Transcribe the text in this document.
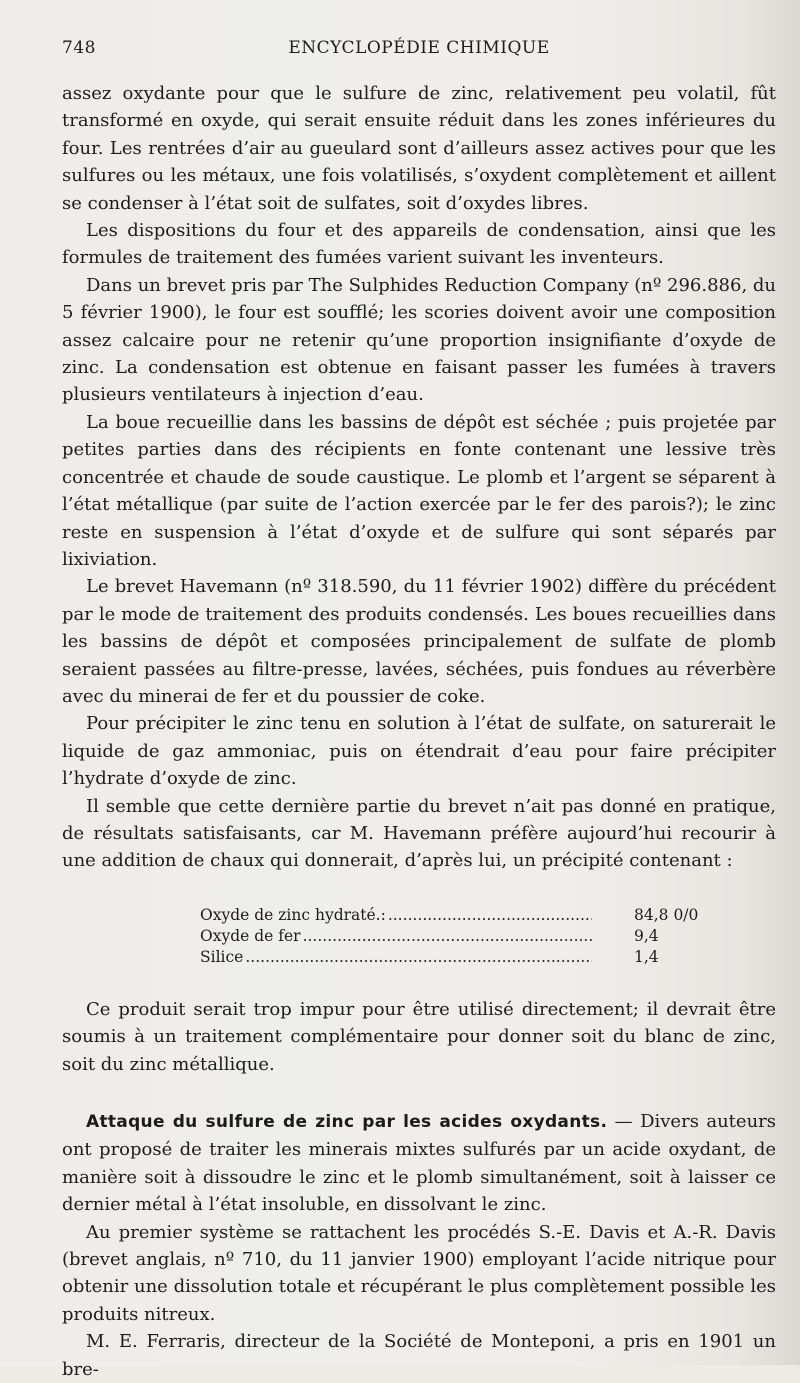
748	ENCYCLOPÉDIE CHIMIQUE

assez oxydante pour que le sulfure de zinc, relativement peu volatil, fût transformé en oxyde, qui serait ensuite réduit dans les zones inférieures du four. Les rentrées d’air au gueulard sont d’ailleurs assez actives pour que les sulfures ou les métaux, une fois volatilisés, s’oxydent complètement et aillent se condenser à l’état soit de sulfates, soit d’oxydes libres.

Les dispositions du four et des appareils de condensation, ainsi que les formules de traitement des fumées varient suivant les inventeurs.

Dans un brevet pris par The Sulphides Reduction Company (nº 296.886, du 5 février 1900), le four est soufflé; les scories doivent avoir une composition assez calcaire pour ne retenir qu’une proportion insignifiante d’oxyde de zinc. La condensation est obtenue en faisant passer les fumées à travers plusieurs ventilateurs à injection d’eau.

La boue recueillie dans les bassins de dépôt est séchée ; puis projetée par petites parties dans des récipients en fonte contenant une lessive très concentrée et chaude de soude caustique. Le plomb et l’argent se séparent à l’état métallique (par suite de l’action exercée par le fer des parois?); le zinc reste en suspension à l’état d’oxyde et de sulfure qui sont séparés par lixiviation.

Le brevet Havemann (nº 318.590, du 11 février 1902) diffère du précédent par le mode de traitement des produits condensés. Les boues recueillies dans les bassins de dépôt et composées principalement de sulfate de plomb seraient passées au filtre-presse, lavées, séchées, puis fondues au réverbère avec du minerai de fer et du poussier de coke.

Pour précipiter le zinc tenu en solution à l’état de sulfate, on saturerait le liquide de gaz ammoniac, puis on étendrait d’eau pour faire précipiter l’hydrate d’oxyde de zinc.

Il semble que cette dernière partie du brevet n’ait pas donné en pratique, de résultats satisfaisants, car M. Havemann préfère aujourd’hui recourir à une addition de chaux qui donnerait, d’après lui, un précipité contenant :

Oxyde de zinc hydraté.: .....	84,8 0/0
Oxyde de fer .....	9,4
Silice .....	1,4

Ce produit serait trop impur pour être utilisé directement; il devrait être soumis à un traitement complémentaire pour donner soit du blanc de zinc, soit du zinc métallique.

Attaque du sulfure de zinc par les acides oxydants. — Divers auteurs ont proposé de traiter les minerais mixtes sulfurés par un acide oxydant, de manière soit à dissoudre le zinc et le plomb simultanément, soit à laisser ce dernier métal à l’état insoluble, en dissolvant le zinc.

Au premier système se rattachent les procédés S.-E. Davis et A.-R. Davis (brevet anglais, nº 710, du 11 janvier 1900) employant l’acide nitrique pour obtenir une dissolution totale et récupérant le plus complètement possible les produits nitreux.

M. E. Ferraris, directeur de la Société de Monteponi, a pris en 1901 un bre-
